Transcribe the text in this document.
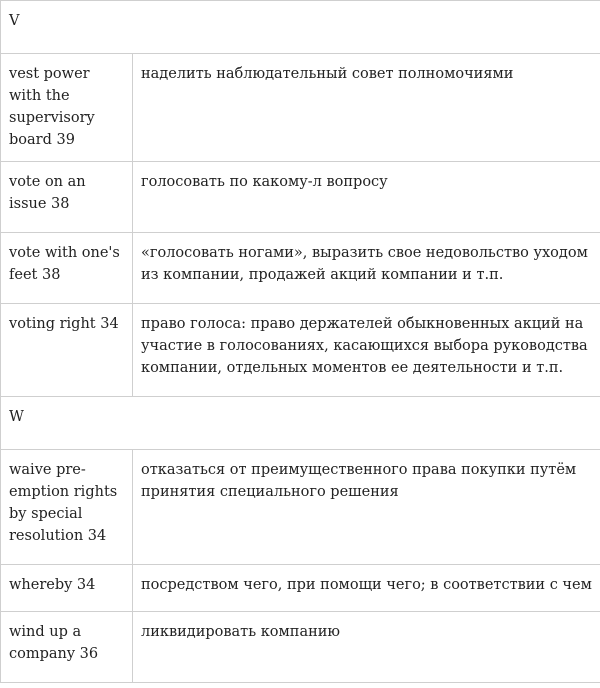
V	
vest power with the supervisory board 39	наделить наблюдательный совет полномочиями
vote on an issue 38	голосовать по какому-л вопросу
vote with one's feet 38	«голосовать ногами», выразить свое недовольство уходом из компании, продажей акций компании и т.п.
voting right 34	право голоса: право держателей обыкновенных акций на участие в голосованиях, касающихся выбора руководства компании, отдельных моментов ее деятельности и т.п.
W	
waive pre-emption rights by special resolution 34	отказаться от преимущественного права покупки путём принятия специального решения
whereby 34	посредством чего, при помощи чего; в соответствии с чем
wind up a company 36	ликвидировать компанию
